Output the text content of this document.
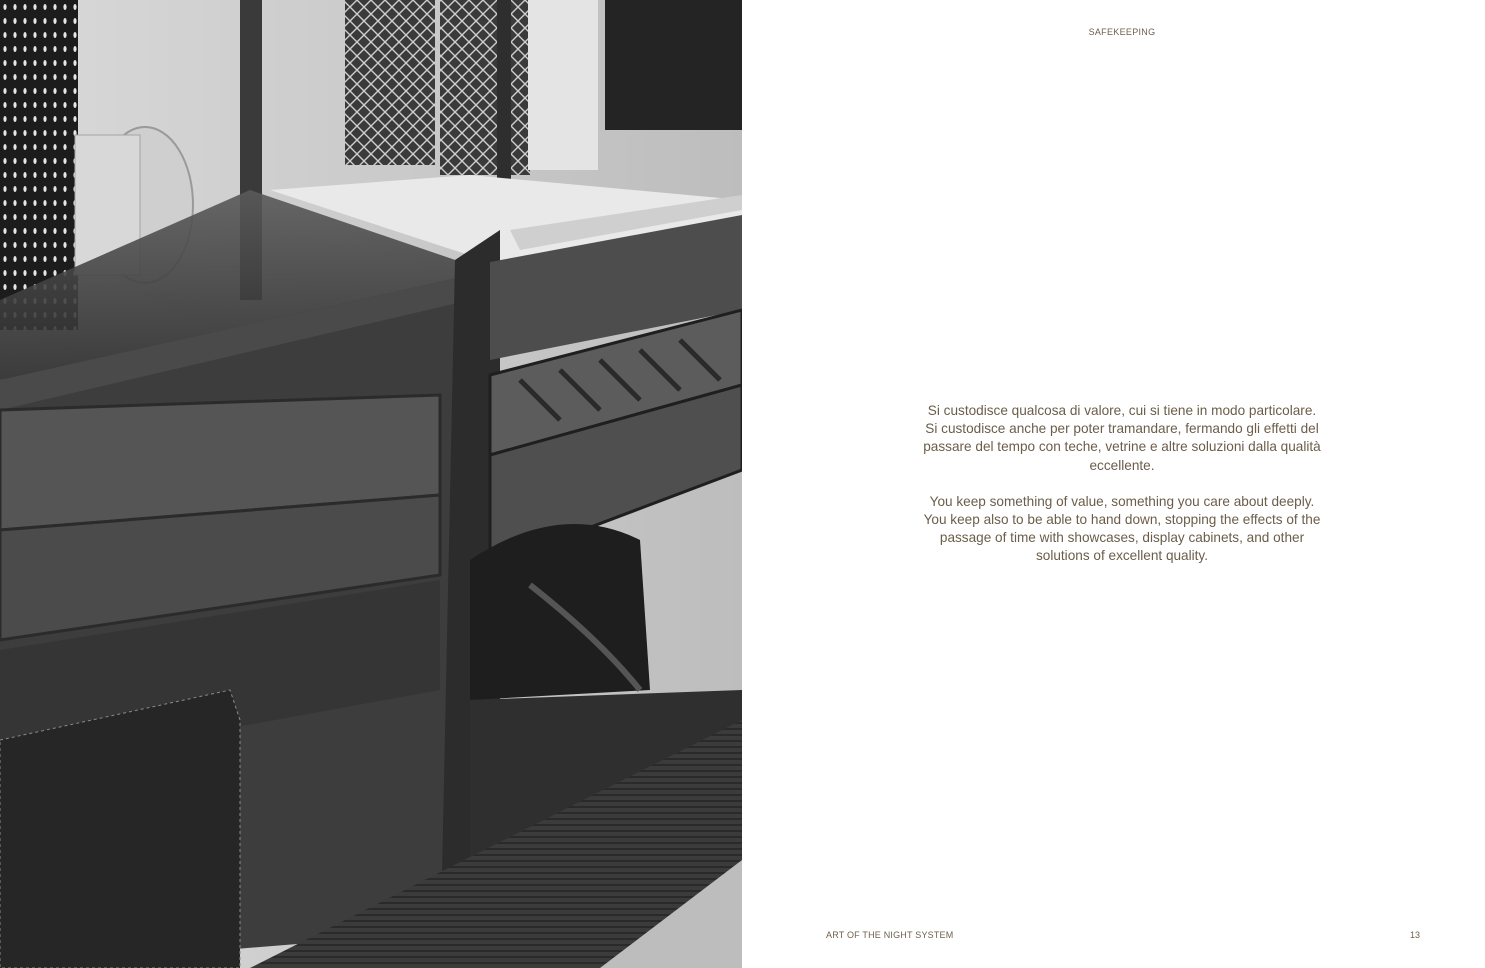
SAFEKEEPING

Si custodisce qualcosa di valore, cui si tiene in modo particolare. Si custodisce anche per poter tramandare, fermando gli effetti del passare del tempo con teche, vetrine e altre soluzioni dalla qualità eccellente.

You keep something of value, something you care about deeply. You keep also to be able to hand down, stopping the effects of the passage of time with showcases, display cabinets, and other solutions of excellent quality.

ART OF THE NIGHT SYSTEM	13
